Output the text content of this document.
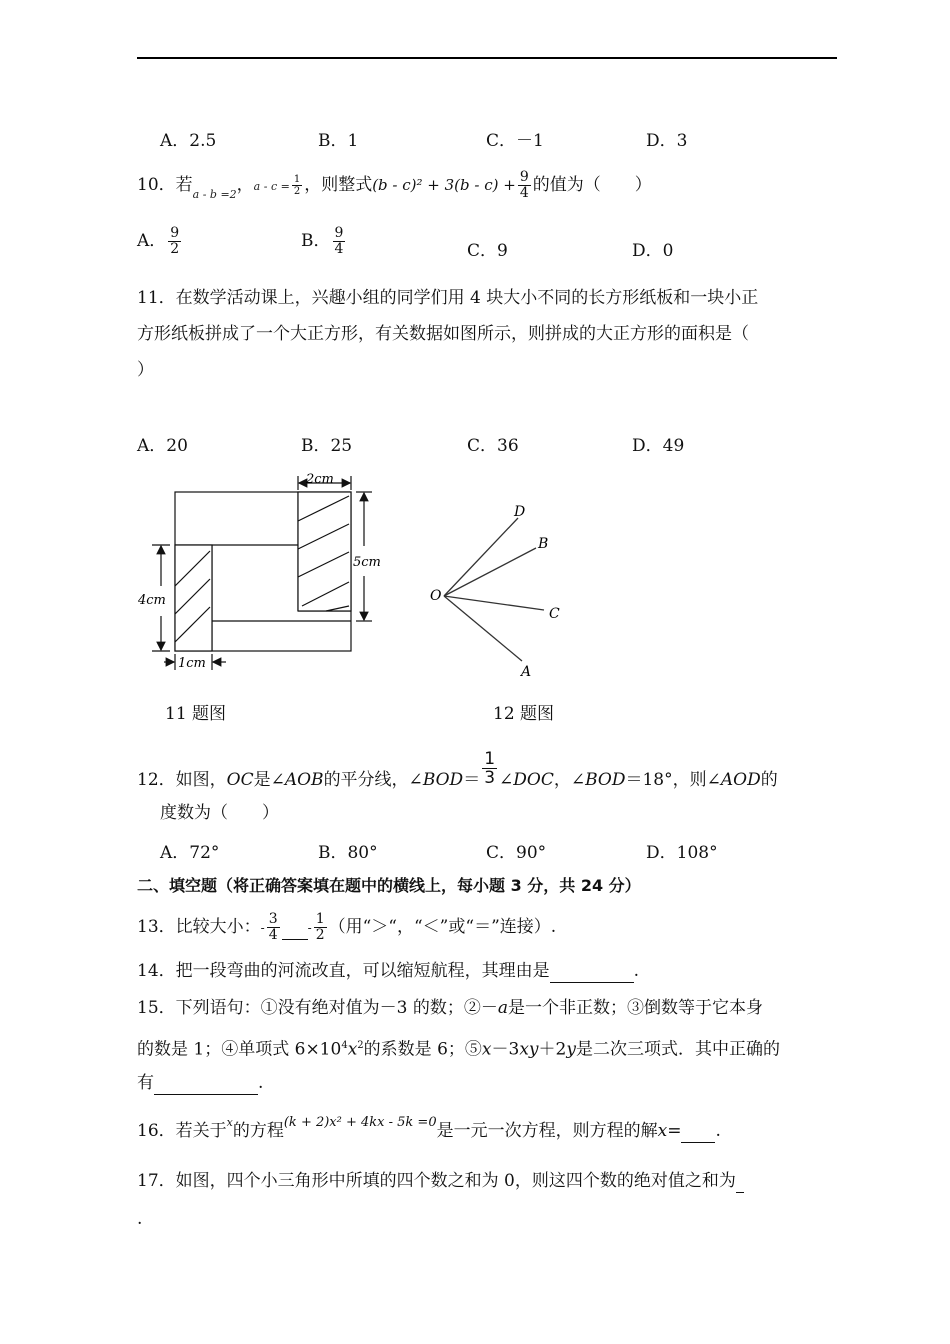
A．2.5	B．1	C．－1	D．3
10．若$_{a - b =2}$，$a - c = \frac{1}{2}$ ，则整式$(b - c)^2 + 3(b - c) + \frac{9}{4}$ 的值为（　　）
A． $\frac{9}{2}$	B． $\frac{9}{4}$	C．9	D．0
11．在数学活动课上，兴趣小组的同学们用 4 块大小不同的长方形纸板和一块小正
方形纸板拼成了一个大正方形，有关数据如图所示，则拼成的大正方形的面积是（
）
A．20	B．25	C．36	D．49
2cm
5cm
4cm
1cm
11 题图
D
B
O
C
A
12 题图
12．如图，OC是∠AOB的平分线，∠BOD＝ $\frac{1}{3}$ ∠DOC，∠BOD＝18°，则∠AOD的
度数为（　　）
A．72°	B．80°	C．90°	D．108°
二、填空题（将正确答案填在题中的横线上，每小题 3 分，共 24 分）
13．比较大小：- $\frac{3}{4} - \frac{1}{2}$ （用“＞“，“＜”或“＝”连接）.
14．把一段弯曲的河流改直，可以缩短航程，其理由是	.
15．下列语句：①没有绝对值为－3 的数；②－a是一个非正数；③倒数等于它本身
的数是 1；④单项式 $6\times 10^4x^2$的系数是 6；⑤x－3xy＋2y是二次三项式．其中正确的
有	.
16．若关于$^x$的方程$^{(k + 2)x^2 + 4kx - 5k =0}$是一元一次方程，则方程的解x= .
17．如图，四个小三角形中所填的四个数之和为 0，则这四个数的绝对值之和为
.
